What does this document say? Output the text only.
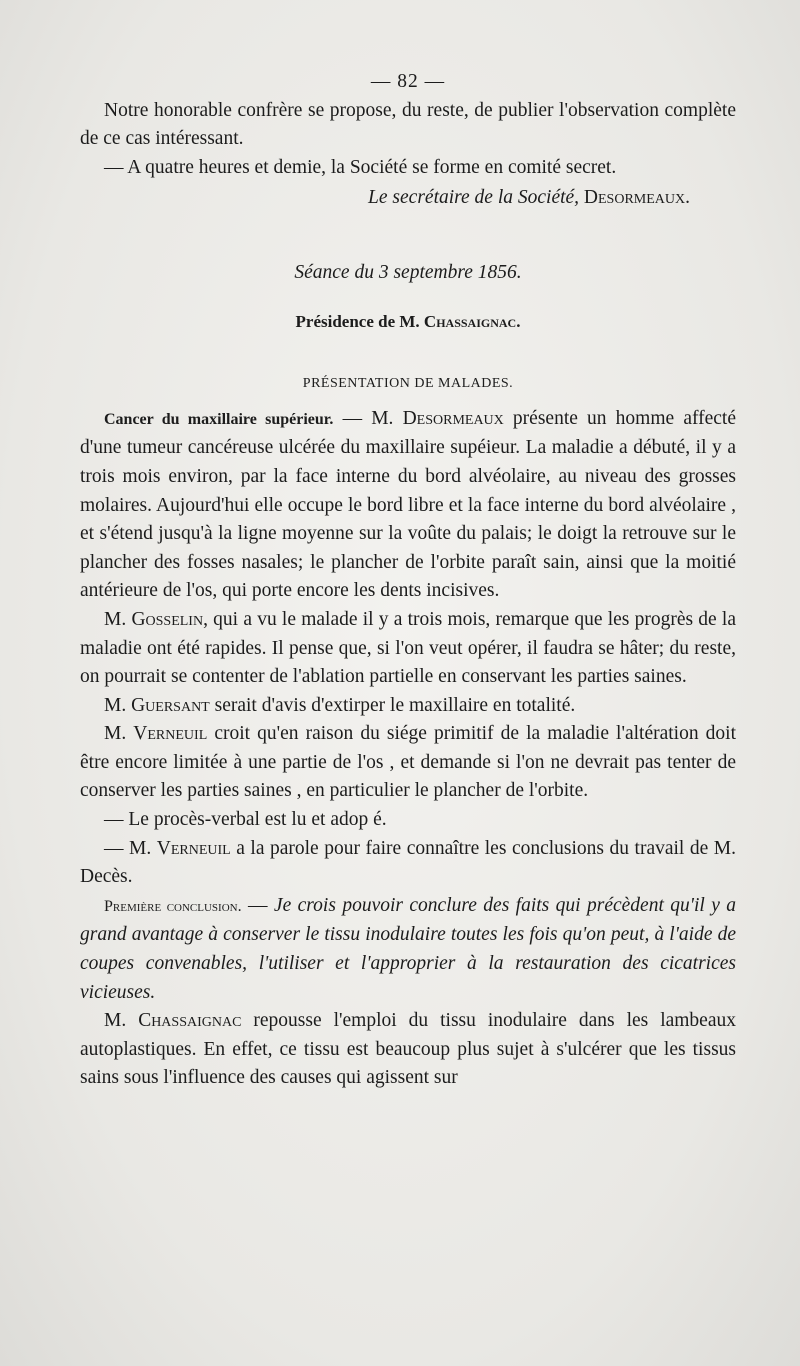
— 82 —

Notre honorable confrère se propose, du reste, de publier l'observation complète de ce cas intéressant.

— A quatre heures et demie, la Société se forme en comité secret.

Le secrétaire de la Société, Desormeaux.

Séance du 3 septembre 1856.

Présidence de M. Chassaignac.

PRÉSENTATION DE MALADES.

Cancer du maxillaire supérieur. — M. Desormeaux présente un homme affecté d'une tumeur cancéreuse ulcérée du maxillaire supéieur. La maladie a débuté, il y a trois mois environ, par la face interne du bord alvéolaire, au niveau des grosses molaires. Aujourd'hui elle occupe le bord libre et la face interne du bord alvéolaire , et s'étend jusqu'à la ligne moyenne sur la voûte du palais; le doigt la retrouve sur le plancher des fosses nasales; le plancher de l'orbite paraît sain, ainsi que la moitié antérieure de l'os, qui porte encore les dents incisives.

M. Gosselin, qui a vu le malade il y a trois mois, remarque que les progrès de la maladie ont été rapides. Il pense que, si l'on veut opérer, il faudra se hâter; du reste, on pourrait se contenter de l'ablation partielle en conservant les parties saines.

M. Guersant serait d'avis d'extirper le maxillaire en totalité.

M. Verneuil croit qu'en raison du siége primitif de la maladie l'altération doit être encore limitée à une partie de l'os , et demande si l'on ne devrait pas tenter de conserver les parties saines , en particulier le plancher de l'orbite.

— Le procès-verbal est lu et adop é.

— M. Verneuil a la parole pour faire connaître les conclusions du travail de M. Decès.

Première conclusion. — Je crois pouvoir conclure des faits qui précèdent qu'il y a grand avantage à conserver le tissu inodulaire toutes les fois qu'on peut, à l'aide de coupes convenables, l'utiliser et l'approprier à la restauration des cicatrices vicieuses.

M. Chassaignac repousse l'emploi du tissu inodulaire dans les lambeaux autoplastiques. En effet, ce tissu est beaucoup plus sujet à s'ulcérer que les tissus sains sous l'influence des causes qui agissent sur
